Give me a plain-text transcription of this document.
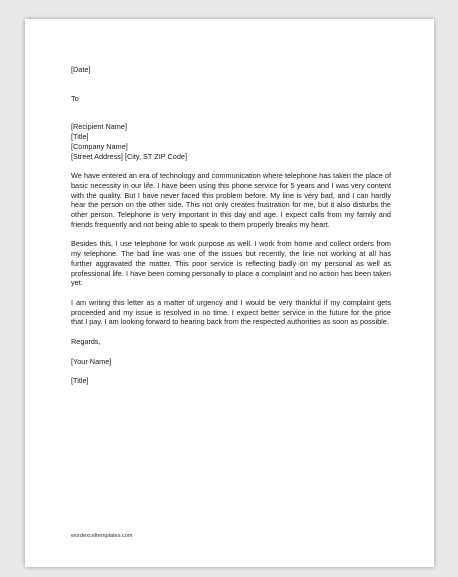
[Date]
To
[Recipient Name]
[Title]
[Company Name]
[Street Address] [City, ST ZIP Code]

We have entered an era of technology and communication where telephone has taken the place of basic necessity in our life. I have been using this phone service for 5 years and I was very content with the quality. But I have never faced this problem before. My line is very bad, and I can hardly hear the person on the other side. This not only creates frustration for me, but it also disturbs the other person. Telephone is very important in this day and age. I expect calls from my family and friends frequently and not being able to speak to them properly breaks my heart.

Besides this, I use telephone for work purpose as well. I work from home and collect orders from my telephone. The bad line was one of the issues but recently, the line not working at all has further aggravated the matter. This poor service is reflecting badly on my personal as well as professional life. I have been coming personally to place a complaint and no action has been taken yet.

I am writing this letter as a matter of urgency and I would be very thankful if my complaint gets proceeded and my issue is resolved in no time. I expect better service in the future for the price that I pay. I am looking forward to hearing back from the respected authorities as soon as possible.

Regards,
[Your Name]
[Title]
wordexceltemplates.com
